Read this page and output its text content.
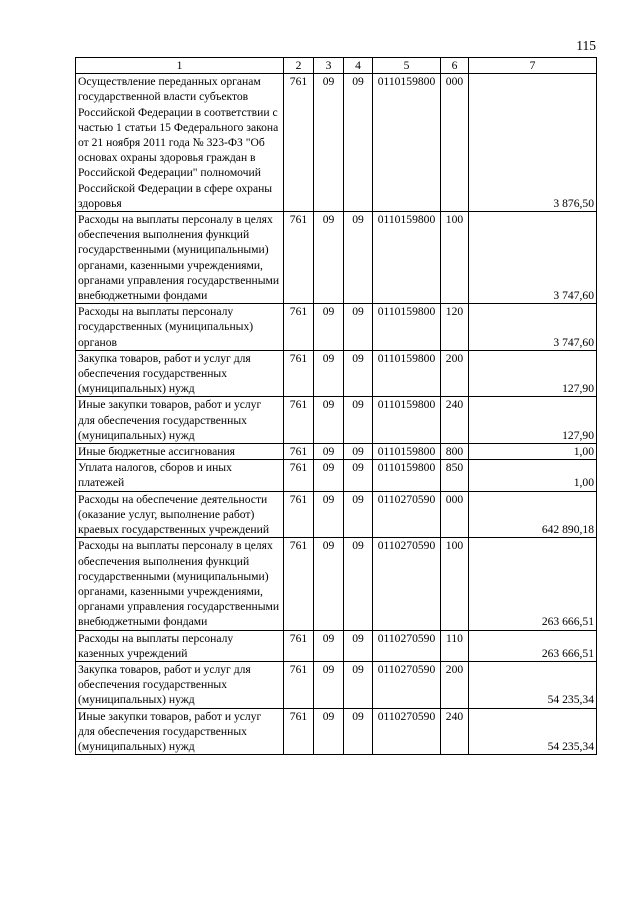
115
1	2	3	4	5	6	7
Осуществление переданных органам государственной власти субъектов Российской Федерации в соответствии с частью 1 статьи 15 Федерального закона от 21 ноября 2011 года № 323-ФЗ "Об основах охраны здоровья граждан в Российской Федерации" полномочий Российской Федерации в сфере охраны здоровья	761	09	09	0110159800	000	3 876,50
Расходы на выплаты персоналу в целях обеспечения выполнения функций государственными (муниципальными) органами, казенными учреждениями, органами управления государственными внебюджетными фондами	761	09	09	0110159800	100	3 747,60
Расходы на выплаты персоналу государственных (муниципальных) органов	761	09	09	0110159800	120	3 747,60
Закупка товаров, работ и услуг для обеспечения государственных (муниципальных) нужд	761	09	09	0110159800	200	127,90
Иные закупки товаров, работ и услуг для обеспечения государственных (муниципальных) нужд	761	09	09	0110159800	240	127,90
Иные бюджетные ассигнования	761	09	09	0110159800	800	1,00
Уплата налогов, сборов и иных платежей	761	09	09	0110159800	850	1,00
Расходы на обеспечение деятельности (оказание услуг, выполнение работ) краевых государственных учреждений	761	09	09	0110270590	000	642 890,18
Расходы на выплаты персоналу в целях обеспечения выполнения функций государственными (муниципальными) органами, казенными учреждениями, органами управления государственными внебюджетными фондами	761	09	09	0110270590	100	263 666,51
Расходы на выплаты персоналу казенных учреждений	761	09	09	0110270590	110	263 666,51
Закупка товаров, работ и услуг для обеспечения государственных (муниципальных) нужд	761	09	09	0110270590	200	54 235,34
Иные закупки товаров, работ и услуг для обеспечения государственных (муниципальных) нужд	761	09	09	0110270590	240	54 235,34
